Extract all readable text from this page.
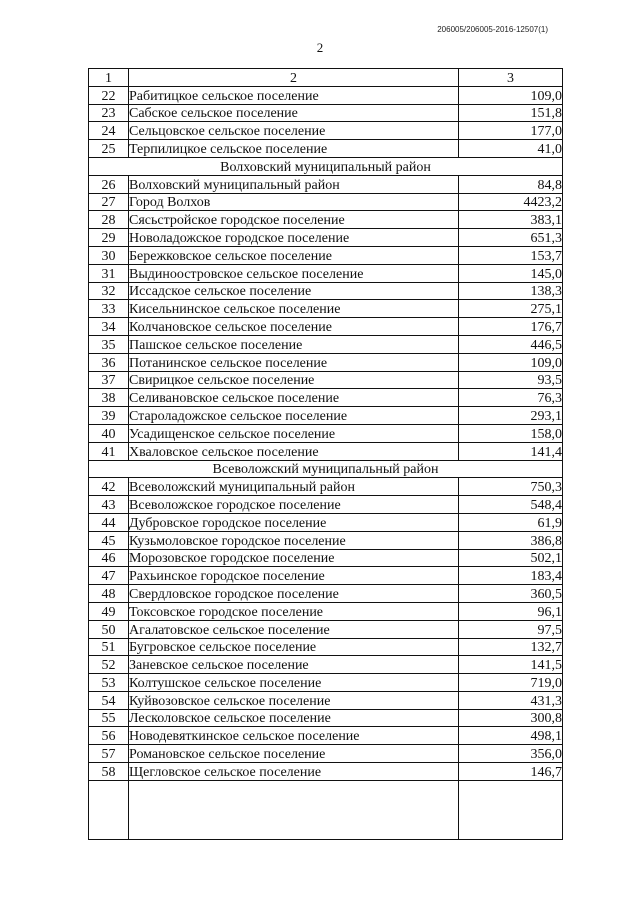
206005/206005-2016-12507(1)
2
1	2	3
22	Рабитицкое сельское поселение	109,0
23	Сабское сельское поселение	151,8
24	Сельцовское сельское поселение	177,0
25	Терпилицкое сельское поселение	41,0
Волховский муниципальный район		
26	Волховский муниципальный район	84,8
27	Город Волхов	4423,2
28	Сясьстройское городское поселение	383,1
29	Новоладожское городское поселение	651,3
30	Бережковское сельское поселение	153,7
31	Выдиноостровское сельское поселение	145,0
32	Иссадское сельское поселение	138,3
33	Кисельнинское сельское поселение	275,1
34	Колчановское сельское поселение	176,7
35	Пашское сельское поселение	446,5
36	Потанинское сельское поселение	109,0
37	Свирицкое сельское поселение	93,5
38	Селивановское сельское поселение	76,3
39	Староладожское сельское поселение	293,1
40	Усадищенское сельское поселение	158,0
41	Хваловское сельское поселение	141,4
Всеволожский муниципальный район		
42	Всеволожский муниципальный район	750,3
43	Всеволожское городское поселение	548,4
44	Дубровское городское поселение	61,9
45	Кузьмоловское городское поселение	386,8
46	Морозовское городское поселение	502,1
47	Рахьинское городское поселение	183,4
48	Свердловское городское поселение	360,5
49	Токсовское городское поселение	96,1
50	Агалатовское сельское поселение	97,5
51	Бугровское сельское поселение	132,7
52	Заневское сельское поселение	141,5
53	Колтушское сельское поселение	719,0
54	Куйвозовское сельское поселение	431,3
55	Лесколовское сельское поселение	300,8
56	Новодевяткинское сельское поселение	498,1
57	Романовское сельское поселение	356,0
58	Щегловское сельское поселение	146,7
